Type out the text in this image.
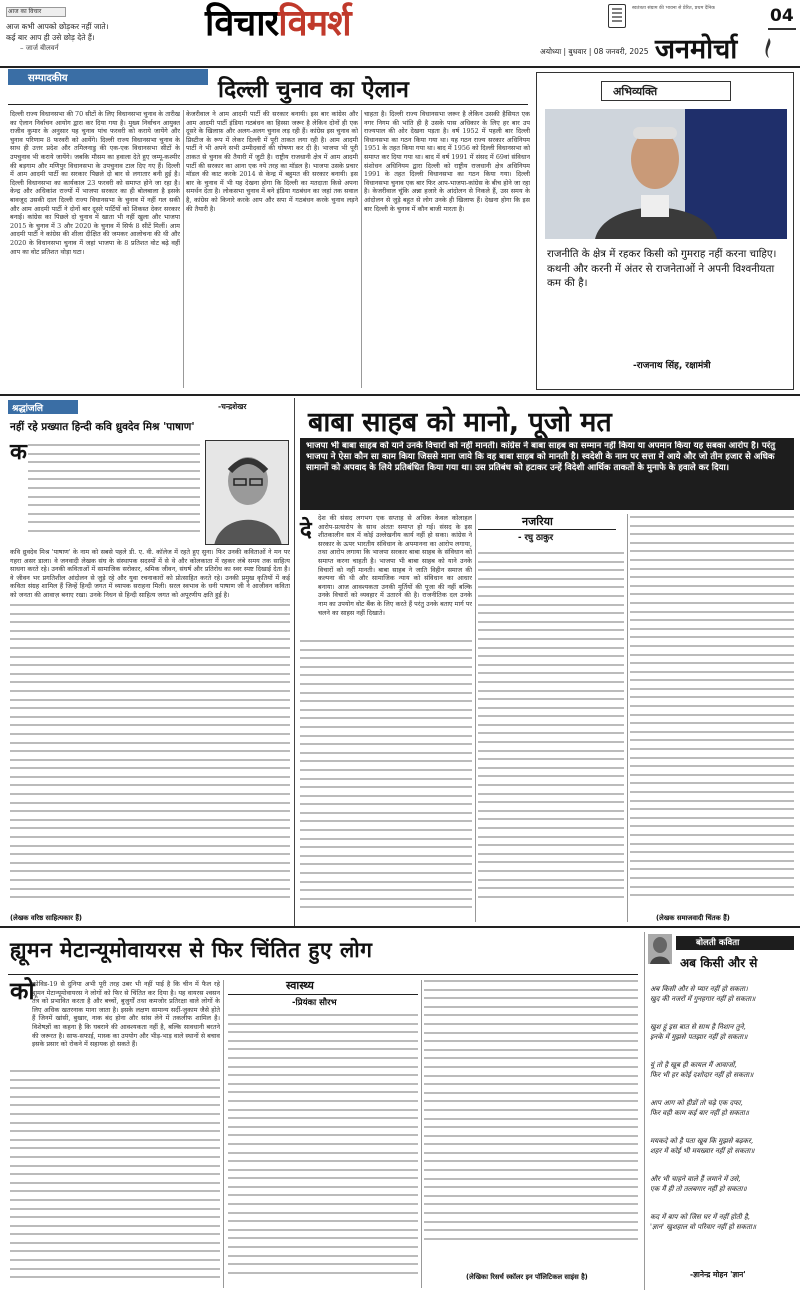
आज का विचार
आज कभी आपको छोड़कर नहीं जाते।
कई बार आप ही उसे छोड़ देते हैं।
– जार्ज बीलवर्न
विचारविमर्श	स्वतंत्रता संग्राम की भावना से प्रेरित, प्रथम दैनिक	04
अयोध्या | बुधवार | 08 जनवरी, 2025 जनमोर्चा
सम्पादकीय	दिल्ली चुनाव का ऐलान
दिल्ली राज्य विधानसभा की 70 सीटों के लिए विधानसभा चुनाव के तारीख का ऐलान निर्वाचन आयोग द्वारा कर दिया गया है। मुख्य निर्वाचन आयुक्त राजीव कुमार के अनुसार यह चुनाव पांच फरवरी को कराये जायेंगे और चुनाव परिणाम 8 फरवरी को आयेंगे। दिल्ली राज्य विधानसभा चुनाव के साथ ही उत्तर प्रदेश और तमिलनाडु की एक-एक विधानसभा सीटों के उपचुनाव भी कराये जायेंगे। जबकि मौसम का हवाला देते हुए जम्मू-कश्मीर की बड़गाम और मणिपुर विधानसभा के उपचुनाव टाल दिए गए हैं। दिल्ली में आम आदमी पार्टी का सरकार पिछले दो बार से लगातार बनी हुई है। दिल्ली विधानसभा का कार्यकाल 23 फरवरी को समाप्त होने जा रहा है। केन्द्र और अधिकांश राज्यों में भाजपा सरकार का ही बोलबाला है इसके बावजूद उसकी दाल दिल्ली राज्य विधानसभा के चुनाव में नहीं गल सकी और आम आदमी पार्टी ने दोनों बार दूसरे पार्टियों को शिकस्त देकर सरकार बनाई। कांग्रेस का पिछले दो चुनाव में खाता भी नहीं खुला और भाजपा 2015 के चुनाव में 3 और 2020 के चुनाव में सिर्फ 8 सीटें मिलीं। आम आदमी पार्टी ने कांग्रेस की शीला दीक्षित की जमकर आलोचना की थी और 2020 के विधानसभा चुनाव में जहां भाजपा के 8 प्रतिशत वोट बढ़े वहीं आप का वोट प्रतिशत थोड़ा घटा।
केजरीवाल ने आम आदमी पार्टी की सरकार बनायी। इस बार कांग्रेस और आम आदमी पार्टी इंडिया गठबंधन का हिस्सा जरूर है लेकिन दोनों ही एक दूसरे के खिलाफ़ और अलग-अलग चुनाव लड़ रही हैं। कांग्रेस इस चुनाव को प्रिस्टीज के रूप में लेकर दिल्ली में पूरी ताकत लगा रही है। आम आदमी पार्टी ने भी अपने सभी उम्मीदवारों की घोषणा कर दी है। भाजपा भी पूरी ताकत से चुनाव की तैयारी में जुटी है। राष्ट्रीय राजधानी क्षेत्र में आम आदमी पार्टी की सरकार का आना एक नये तरह का मॉडल है। भाजपा उसके प्रचार मॉडल की काट करके 2014 से केन्द्र में बहुमत की सरकार बनायी। इस बार के चुनाव में भी यह देखना होगा कि दिल्ली का मतदाता किसे अपना समर्थन देता है। लोकसभा चुनाव में बने इंडिया गठबंधन का जहां तक सवाल है, कांग्रेस को किनारे करके आप और सपा में गठबंधन करके चुनाव लड़ने की तैयारी है।
चाहता है। दिल्ली राज्य विधानसभा जरूर है लेकिन उसकी हैसियत एक नगर निगम की भांति ही है उसके पास अधिकार के लिए हर बार उप राज्यपाल की ओर देखना पड़ता है। वर्ष 1952 में पहली बार दिल्ली विधानसभा का गठन किया गया था। यह गठन राज्य सरकार अधिनियम 1951 के तहत किया गया था। बाद में 1956 को दिल्ली विधानसभा को समाप्त कर दिया गया था। बाद में वर्ष 1991 में संसद में 69वां संविधान संशोधन अधिनियम द्वारा दिल्ली को राष्ट्रीय राजधानी क्षेत्र अधिनियम 1991 के तहत दिल्ली विधानसभा का गठन किया गया। दिल्ली विधानसभा चुनाव एक बार फिर आप-भाजपा-कांग्रेस के बीच होने जा रहा है। केजरीवाल चूंकि अन्ना हजारे के आंदोलन से निकले हैं, उस समय के आंदोलन से जुड़े बहुत से लोग उनके ही खिलाफ हैं। देखना होगा कि इस बार दिल्ली के चुनाव में कौन बाजी मारता है।
अभिव्यक्ति
राजनीति के क्षेत्र में रहकर किसी को गुमराह नहीं करना चाहिए। कथनी और करनी में अंतर से राजनेताओं ने अपनी विश्वनीयता कम की है।
-राजनाथ सिंह, रक्षामंत्री
श्रद्धांजलि	-चन्द्रशेखर
नहीं रहे प्रख्यात हिन्दी कवि ध्रुवदेव मिश्र 'पाषाण'
क
कवि ध्रुवदेव मिश्र 'पाषाण' के नाम को सबसे पहले डी. ए. वी. कॉलेज में रहते हुए सुना। फिर उनकी कविताओं ने मन पर गहरा असर डाला। वे जनवादी लेखक संघ के संस्थापक सदस्यों में से थे और कोलकाता में रहकर लंबे समय तक साहित्य साधना करते रहे। उनकी कविताओं में सामाजिक सरोकार, श्रमिक जीवन, संघर्ष और प्रतिरोध का स्वर स्पष्ट दिखाई देता है। वे जीवन भर प्रगतिशील आंदोलन से जुड़े रहे और युवा रचनाकारों को प्रोत्साहित करते रहे। उनकी प्रमुख कृतियों में कई कविता संग्रह शामिल हैं जिन्हें हिन्दी जगत में व्यापक सराहना मिली। सरल स्वभाव के धनी पाषाण जी ने आजीवन कविता को जनता की आवाज़ बनाए रखा। उनके निधन से हिन्दी साहित्य जगत को अपूरणीय क्षति हुई है।
(लेखक वरिष्ठ साहित्यकार हैं)
बाबा साहब को मानो, पूजो मत
भाजपा भी बाबा साहब को याने उनके विचारों को नहीं मानती। कांग्रेस ने बाबा साहब का सम्मान नहीं किया या अपमान किया यह सबका आरोप है। परंतु भाजपा ने ऐसा कौन सा काम किया जिससे माना जाये कि वह बाबा साहब को मानती है। स्वदेशी के नाम पर सत्ता में आये और जो तीन हजार से अधिक सामानों को अपवाद के लिये प्रतिबंधित किया गया था। उस प्रतिबंध को हटाकर उन्हें विदेशी आर्थिक ताकतों के मुनाफे के हवाले कर दिया।
नजरिया
- रघु ठाकुर
दे देश की संसद लगभग एक सप्ताह से अधिक केवल कोलाहल आरोप-प्रत्यारोप के साथ अंततः समाप्त हो गई। संसद के इस शीतकालीन सत्र में कोई उल्लेखनीय कार्य नहीं हो सका। कांग्रेस ने सरकार के ऊपर भारतीय संविधान के अपमानना का आरोप लगाया, तथा आरोप लगाया कि भाजपा सरकार बाबा साहब के संविधान को समाप्त करना चाहती है। भाजपा भी बाबा साहब को याने उनके विचारों को नहीं मानती। बाबा साहब ने जाति विहीन समाज की कल्पना की थी और सामाजिक न्याय को संविधान का आधार बनाया। आज आवश्यकता उनकी मूर्तियों की पूजा की नहीं बल्कि उनके विचारों को व्यवहार में उतारने की है। राजनीतिक दल उनके नाम का उपयोग वोट बैंक के लिए करते हैं परंतु उनके बताए मार्ग पर चलने का साहस नहीं दिखाते।
(लेखक समाजवादी चिंतक हैं)
ह्यूमन मेटान्यूमोवायरस से फिर चिंतित हुए लोग
को
कोविड-19 से दुनिया अभी पूरी तरह उबर भी नहीं पाई है कि चीन में फैल रहे ह्यूमन मेटान्यूमोवायरस ने लोगों को फिर से चिंतित कर दिया है। यह वायरस श्वसन तंत्र को प्रभावित करता है और बच्चों, बुजुर्गों तथा कमजोर प्रतिरक्षा वाले लोगों के लिए अधिक खतरनाक माना जाता है। इसके लक्षण सामान्य सर्दी-जुकाम जैसे होते हैं जिनमें खांसी, बुखार, नाक बंद होना और सांस लेने में तकलीफ शामिल है। विशेषज्ञों का कहना है कि घबराने की आवश्यकता नहीं है, बल्कि सावधानी बरतने की जरूरत है। साफ-सफाई, मास्क का उपयोग और भीड़-भाड़ वाले स्थानों से बचाव इसके प्रसार को रोकने में सहायक हो सकते हैं।
स्वास्थ्य
-प्रियंका सौरभ
(लेखिका रिसर्च स्कॉलर इन पॉलिटिकल साइंस है)
बोलती कविता
अब किसी और से
अब किसी और से प्यार नहीं हो सकता।
खुद की नजरों में गुनहगार नहीं हो सकता॥
खुश हूं इस बात से साथ है निशान तुने,
इनके में मुझसे पतझार नहीं हो सकता॥
यूं तो है खूब ही कायल मैं आवाजों,
फिर भी हर कोई दशोदार नहीं हो सकता॥
आप आग को हीडों तो चढ़े एक दफा,
फिर वही काम कई बार नहीं हो सकता॥
मयकदे को है पता खूब कि मुझसे बढ़कर,
शहर में कोई भी मयख्वार नहीं हो सकता॥
और भी चाहने वाले हैं जमाने में उसे,
एक मैं ही तो तलबगार नहीं हो सकता॥
कद में बाप को जिस घर में नहीं होती है,
'ज्ञान' खुशहाल वो परिवार नहीं हो सकता॥
-ज्ञानेन्द्र मोहन 'ज्ञान'
